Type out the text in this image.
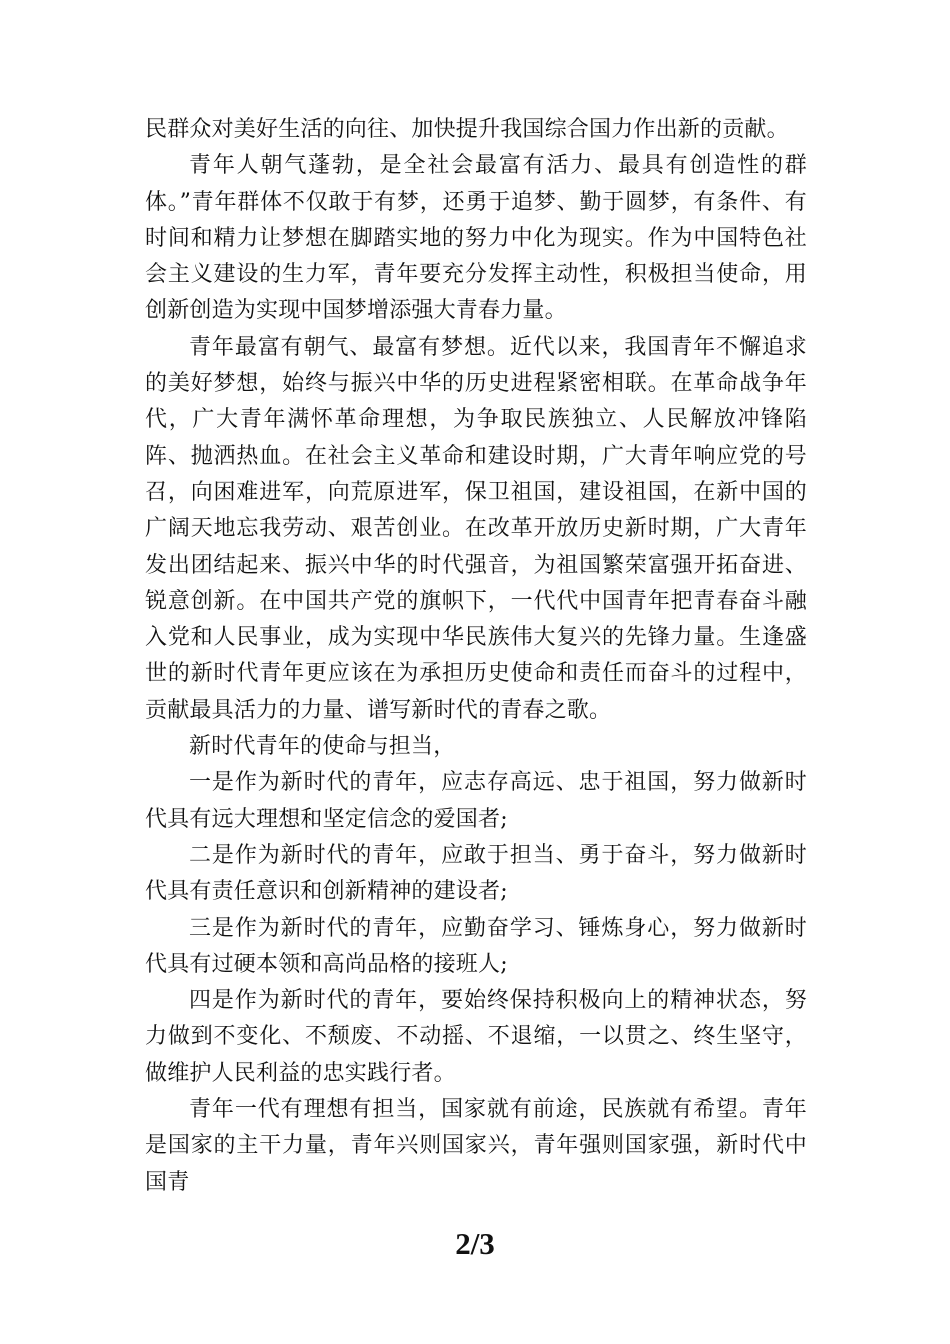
民群众对美好生活的向往、加快提升我国综合国力作出新的贡献。

青年人朝气蓬勃，是全社会最富有活力、最具有创造性的群体。”青年群体不仅敢于有梦，还勇于追梦、勤于圆梦，有条件、有时间和精力让梦想在脚踏实地的努力中化为现实。作为中国特色社会主义建设的生力军，青年要充分发挥主动性，积极担当使命，用创新创造为实现中国梦增添强大青春力量。

青年最富有朝气、最富有梦想。近代以来，我国青年不懈追求的美好梦想，始终与振兴中华的历史进程紧密相联。在革命战争年代，广大青年满怀革命理想，为争取民族独立、人民解放冲锋陷阵、抛洒热血。在社会主义革命和建设时期，广大青年响应党的号召，向困难进军，向荒原进军，保卫祖国，建设祖国，在新中国的广阔天地忘我劳动、艰苦创业。在改革开放历史新时期，广大青年发出团结起来、振兴中华的时代强音，为祖国繁荣富强开拓奋进、锐意创新。在中国共产党的旗帜下，一代代中国青年把青春奋斗融入党和人民事业，成为实现中华民族伟大复兴的先锋力量。生逢盛世的新时代青年更应该在为承担历史使命和责任而奋斗的过程中，贡献最具活力的力量、谱写新时代的青春之歌。

新时代青年的使命与担当，

一是作为新时代的青年，应志存高远、忠于祖国，努力做新时代具有远大理想和坚定信念的爱国者;

二是作为新时代的青年，应敢于担当、勇于奋斗，努力做新时代具有责任意识和创新精神的建设者;

三是作为新时代的青年，应勤奋学习、锤炼身心，努力做新时代具有过硬本领和高尚品格的接班人;

四是作为新时代的青年，要始终保持积极向上的精神状态，努力做到不变化、不颓废、不动摇、不退缩，一以贯之、终生坚守，做维护人民利益的忠实践行者。

青年一代有理想有担当，国家就有前途，民族就有希望。青年是国家的主干力量，青年兴则国家兴，青年强则国家强，新时代中国青

2/3
